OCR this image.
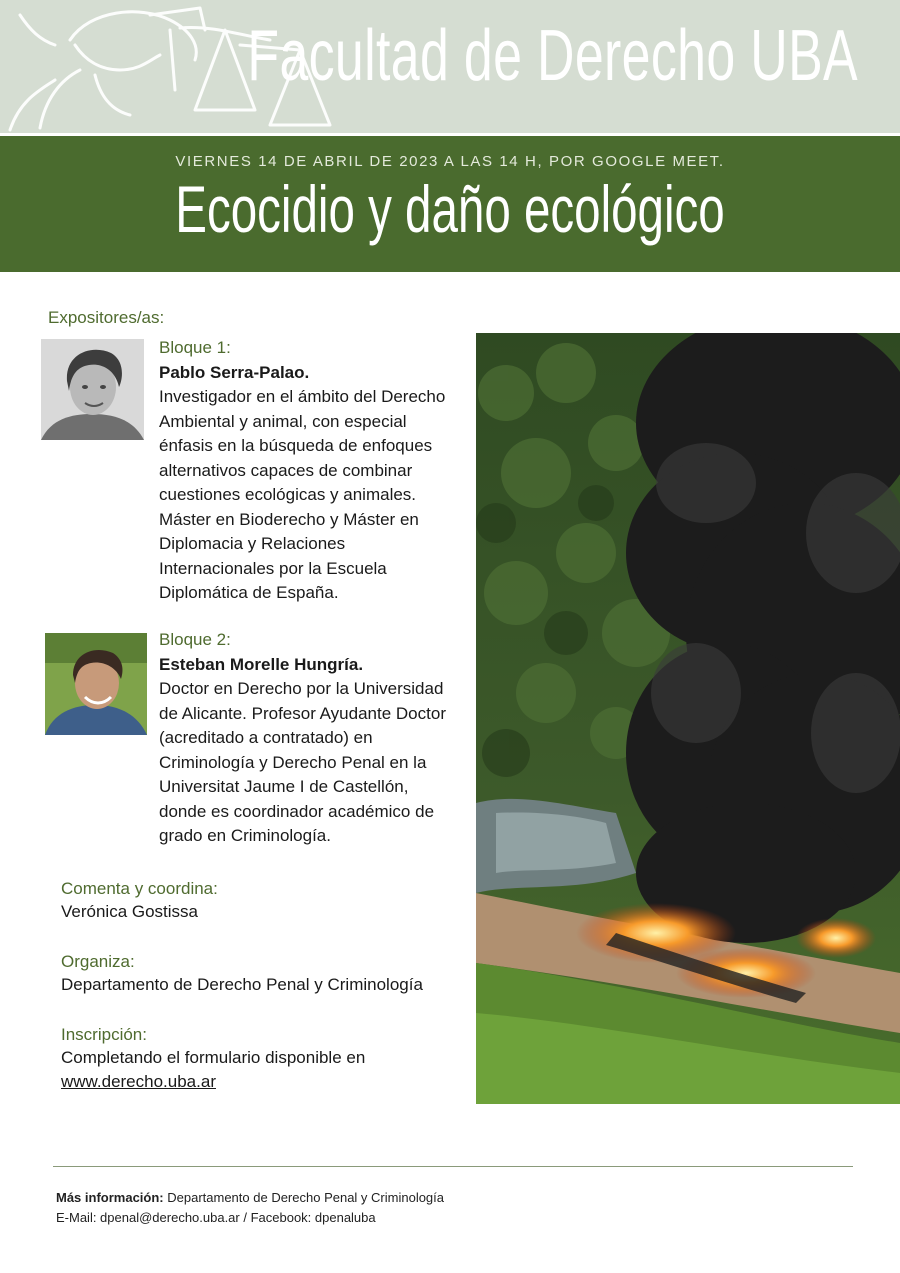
Facultad de Derecho UBA
VIERNES 14 DE ABRIL DE 2023 A LAS 14 H, POR GOOGLE MEET.
Ecocidio y daño ecológico
Expositores/as:
Bloque 1:
Pablo Serra-Palao.
Investigador en el ámbito del Derecho Ambiental y animal, con especial énfasis en la búsqueda de enfoques alternativos capaces de combinar cuestiones ecológicas y animales. Máster en Bioderecho y Máster en Diplomacia y Relaciones Internacionales por la Escuela Diplomática de España.
Bloque 2:
Esteban Morelle Hungría.
Doctor en Derecho por la Universidad de Alicante. Profesor Ayudante Doctor (acreditado a contratado) en Criminología y Derecho Penal en la Universitat Jaume I de Castellón, donde es coordinador académico de grado en Criminología.
Comenta y coordina:
Verónica Gostissa
Organiza:
Departamento de Derecho Penal y Criminología
Inscripción:
Completando el formulario disponible en
www.derecho.uba.ar
Más información: Departamento de Derecho Penal y Criminología
E-Mail: dpenal@derecho.uba.ar / Facebook: dpenaluba
